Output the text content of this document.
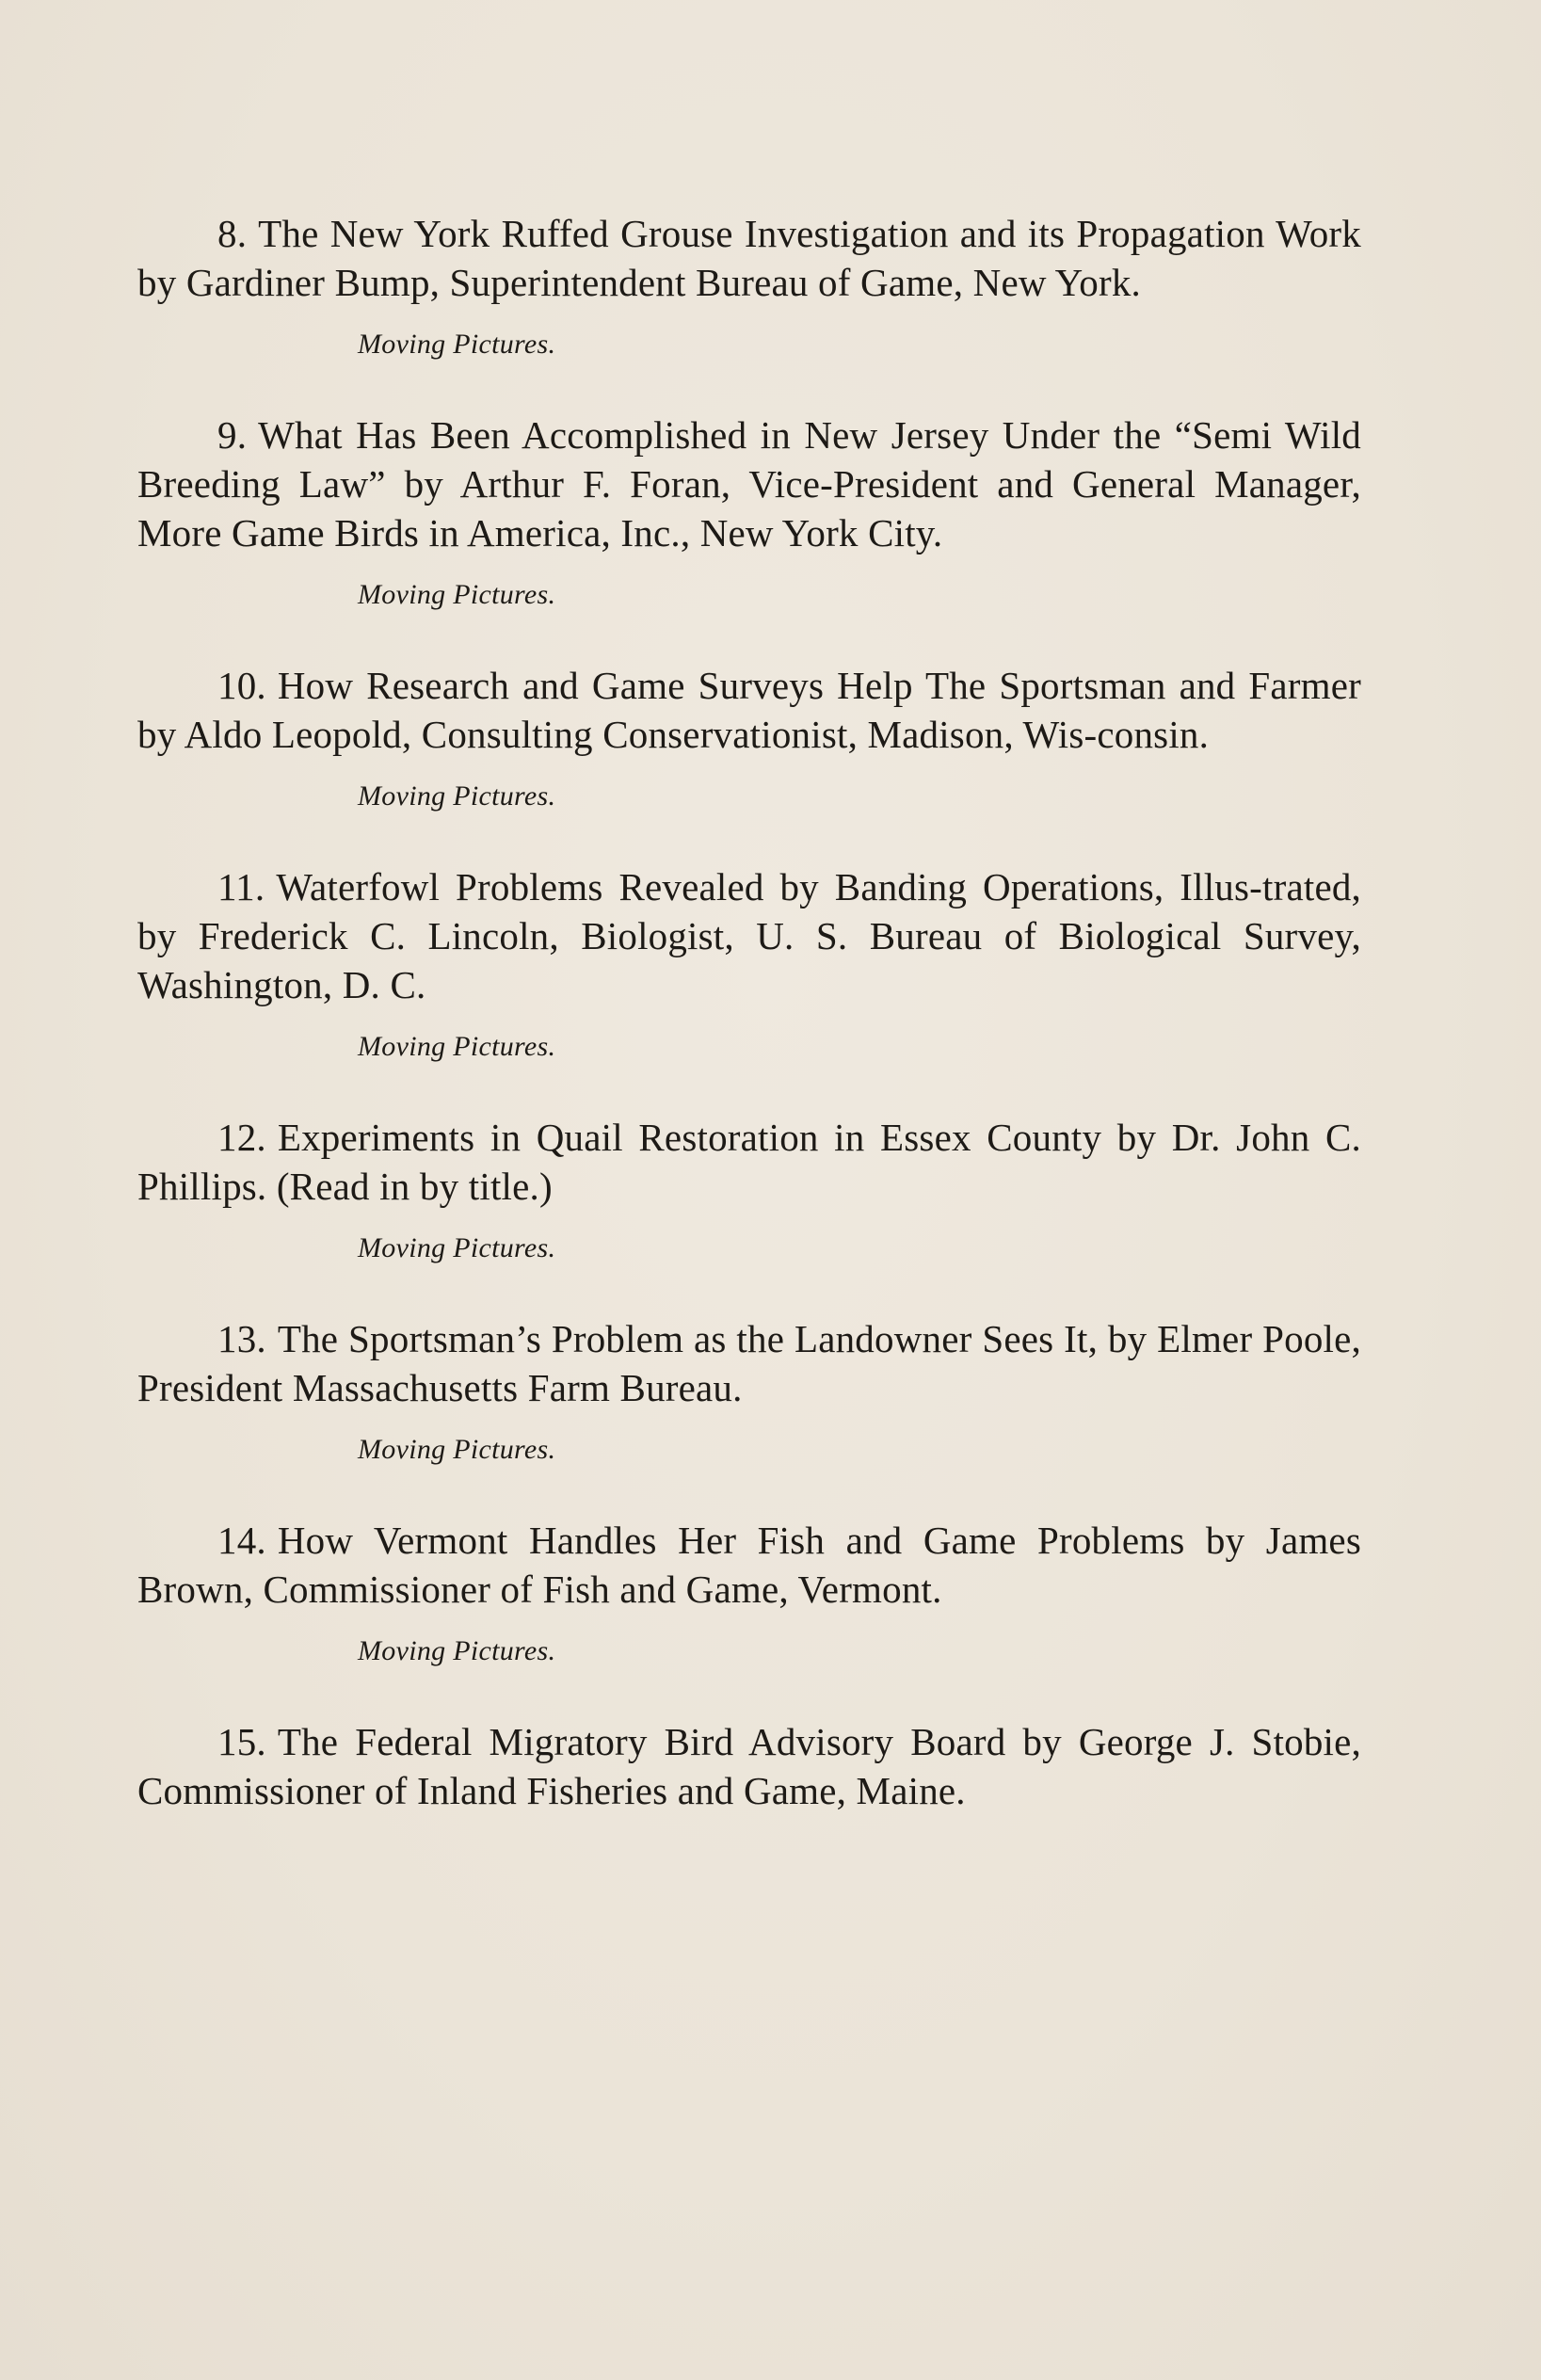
8. The New York Ruffed Grouse Investigation and its Propagation Work by Gardiner Bump, Superintendent Bureau of Game, New York.

Moving Pictures.

9. What Has Been Accomplished in New Jersey Under the “Semi Wild Breeding Law” by Arthur F. Foran, Vice-President and General Manager, More Game Birds in America, Inc., New York City.

Moving Pictures.

10. How Research and Game Surveys Help The Sportsman and Farmer by Aldo Leopold, Consulting Conservationist, Madison, Wis-consin.

Moving Pictures.

11. Waterfowl Problems Revealed by Banding Operations, Illus-trated, by Frederick C. Lincoln, Biologist, U. S. Bureau of Biological Survey, Washington, D. C.

Moving Pictures.

12. Experiments in Quail Restoration in Essex County by Dr. John C. Phillips. (Read in by title.)

Moving Pictures.

13. The Sportsman’s Problem as the Landowner Sees It, by Elmer Poole, President Massachusetts Farm Bureau.

Moving Pictures.

14. How Vermont Handles Her Fish and Game Problems by James Brown, Commissioner of Fish and Game, Vermont.

Moving Pictures.

15. The Federal Migratory Bird Advisory Board by George J. Stobie, Commissioner of Inland Fisheries and Game, Maine.
